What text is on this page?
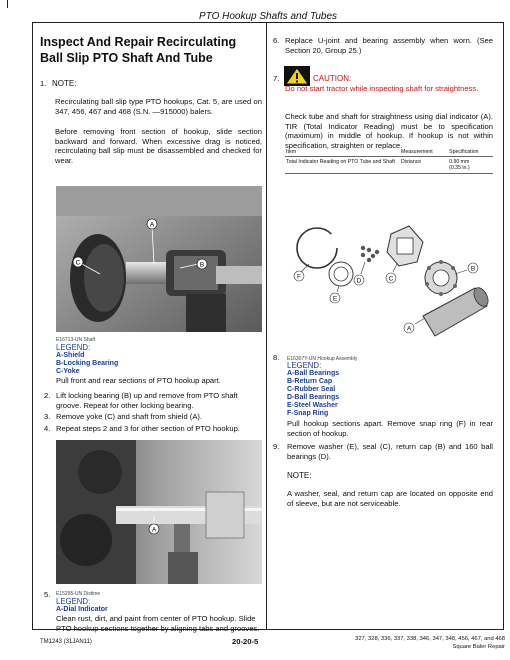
PTO Hookup Shafts and Tubes
Inspect And Repair Recirculating Ball Slip PTO Shaft And Tube
1. NOTE:
Recirculating ball slip type PTO hookups, Cat. 5, are used on 347, 456, 467 and 468 (S.N. —915000) balers.
Before removing front section of hookup, slide section backward and forward. When excessive drag is noticed, recirculating ball slip must be disassembled and checked for wear.
A
C	B
E16713-UN Shaft
LEGEND:
A-Shield
B-Locking Bearing
C-Yoke
Pull front and rear sections of PTO hookup apart.
2. Lift locking bearing (B) up and remove from PTO shaft groove. Repeat for other locking bearing.
3. Remove yoke (C) and shaft from shield (A).
4. Repeat steps 2 and 3 for other section of PTO hookup.
A
5. E15295-UN Distime
LEGEND:
A-Dial Indicator
Clean rust, dirt, and paint from center of PTO hookup. Slide PTO hookup sections together by aligning tabs and grooves.
6. Replace U-joint and bearing assembly when worn. (See Section 20, Group 25.)
7.	CAUTION:
Do not start tractor while inspecting shaft for straightness.
Check tube and shaft for straightness using dial indicator (A). TIR (Total Indicator Reading) must be to specification (maximum) in middle of hookup. If hookup is not within specification, straighten or replace.
Item	Measurement	Specification
Total Indicator Reading on PTO Tube and Shaft	Distance	0.90 mm
(0.35 in.)
F
E
D	C
B
A
8. E16307Y-UN Hookup Assembly
LEGEND:
A-Ball Bearings
B-Return Cap
C-Rubber Seal
D-Ball Bearings
E-Steel Washer
F-Snap Ring
Pull hookup sections apart. Remove snap ring (F) in rear section of hookup.
9. Remove washer (E), seal (C), return cap (B) and 160 ball bearings (D).
NOTE:
A washer, seal, and return cap are located on opposite end of sleeve, but are not serviceable.
TM1243 (31JAN11)	20-20-5	327, 328, 336, 337, 338, 346, 347, 348, 456, 467, and 468
Square Baler Repair
